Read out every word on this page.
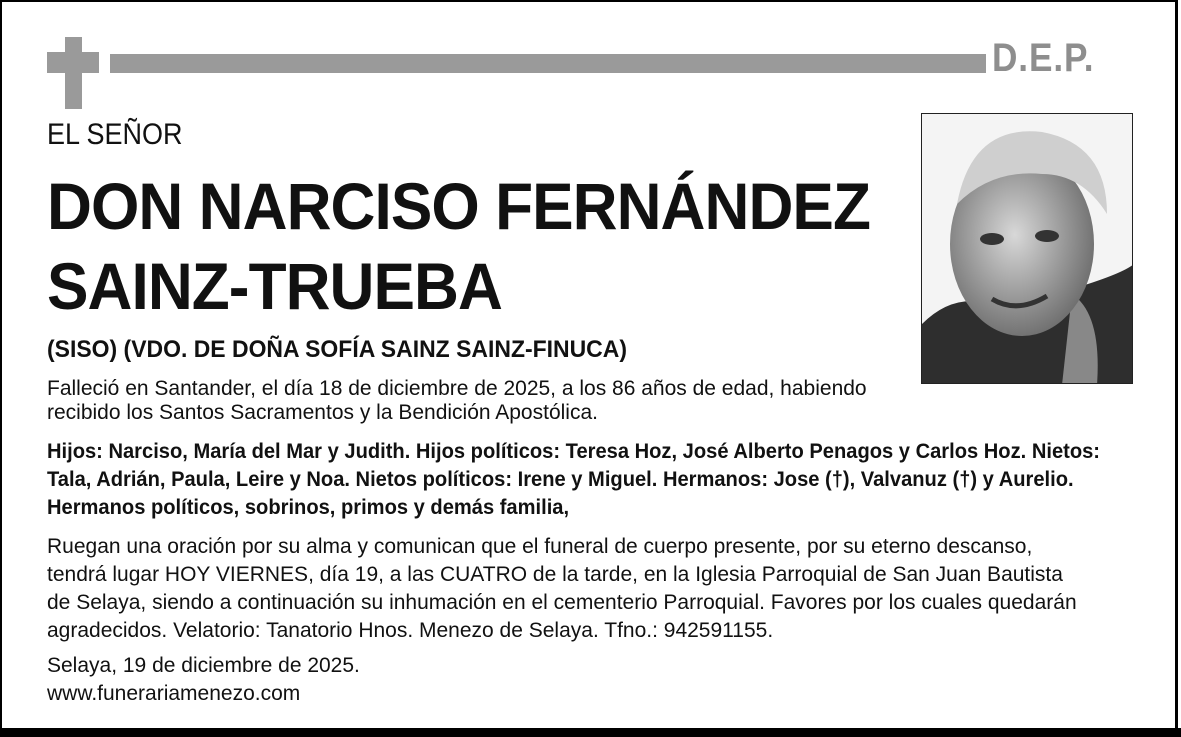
D.E.P.
EL SEÑOR
DON NARCISO FERNÁNDEZ
SAINZ-TRUEBA
(SISO) (VDO. DE DOÑA SOFÍA SAINZ SAINZ-FINUCA)
Falleció en Santander, el día 18 de diciembre de 2025, a los 86 años de edad, habiendo
recibido los Santos Sacramentos y la Bendición Apostólica.
Hijos: Narciso, María del Mar y Judith. Hijos políticos: Teresa Hoz, José Alberto Penagos y Carlos Hoz. Nietos:
Tala, Adrián, Paula, Leire y Noa. Nietos políticos: Irene y Miguel. Hermanos: Jose (†), Valvanuz (†) y Aurelio.
Hermanos políticos, sobrinos, primos y demás familia,
Ruegan una oración por su alma y comunican que el funeral de cuerpo presente, por su eterno descanso,
tendrá lugar HOY VIERNES, día 19, a las CUATRO de la tarde, en la Iglesia Parroquial de San Juan Bautista
de Selaya, siendo a continuación su inhumación en el cementerio Parroquial. Favores por los cuales quedarán
agradecidos. Velatorio: Tanatorio Hnos. Menezo de Selaya. Tfno.: 942591155.
Selaya, 19 de diciembre de 2025.
www.funerariamenezo.com
